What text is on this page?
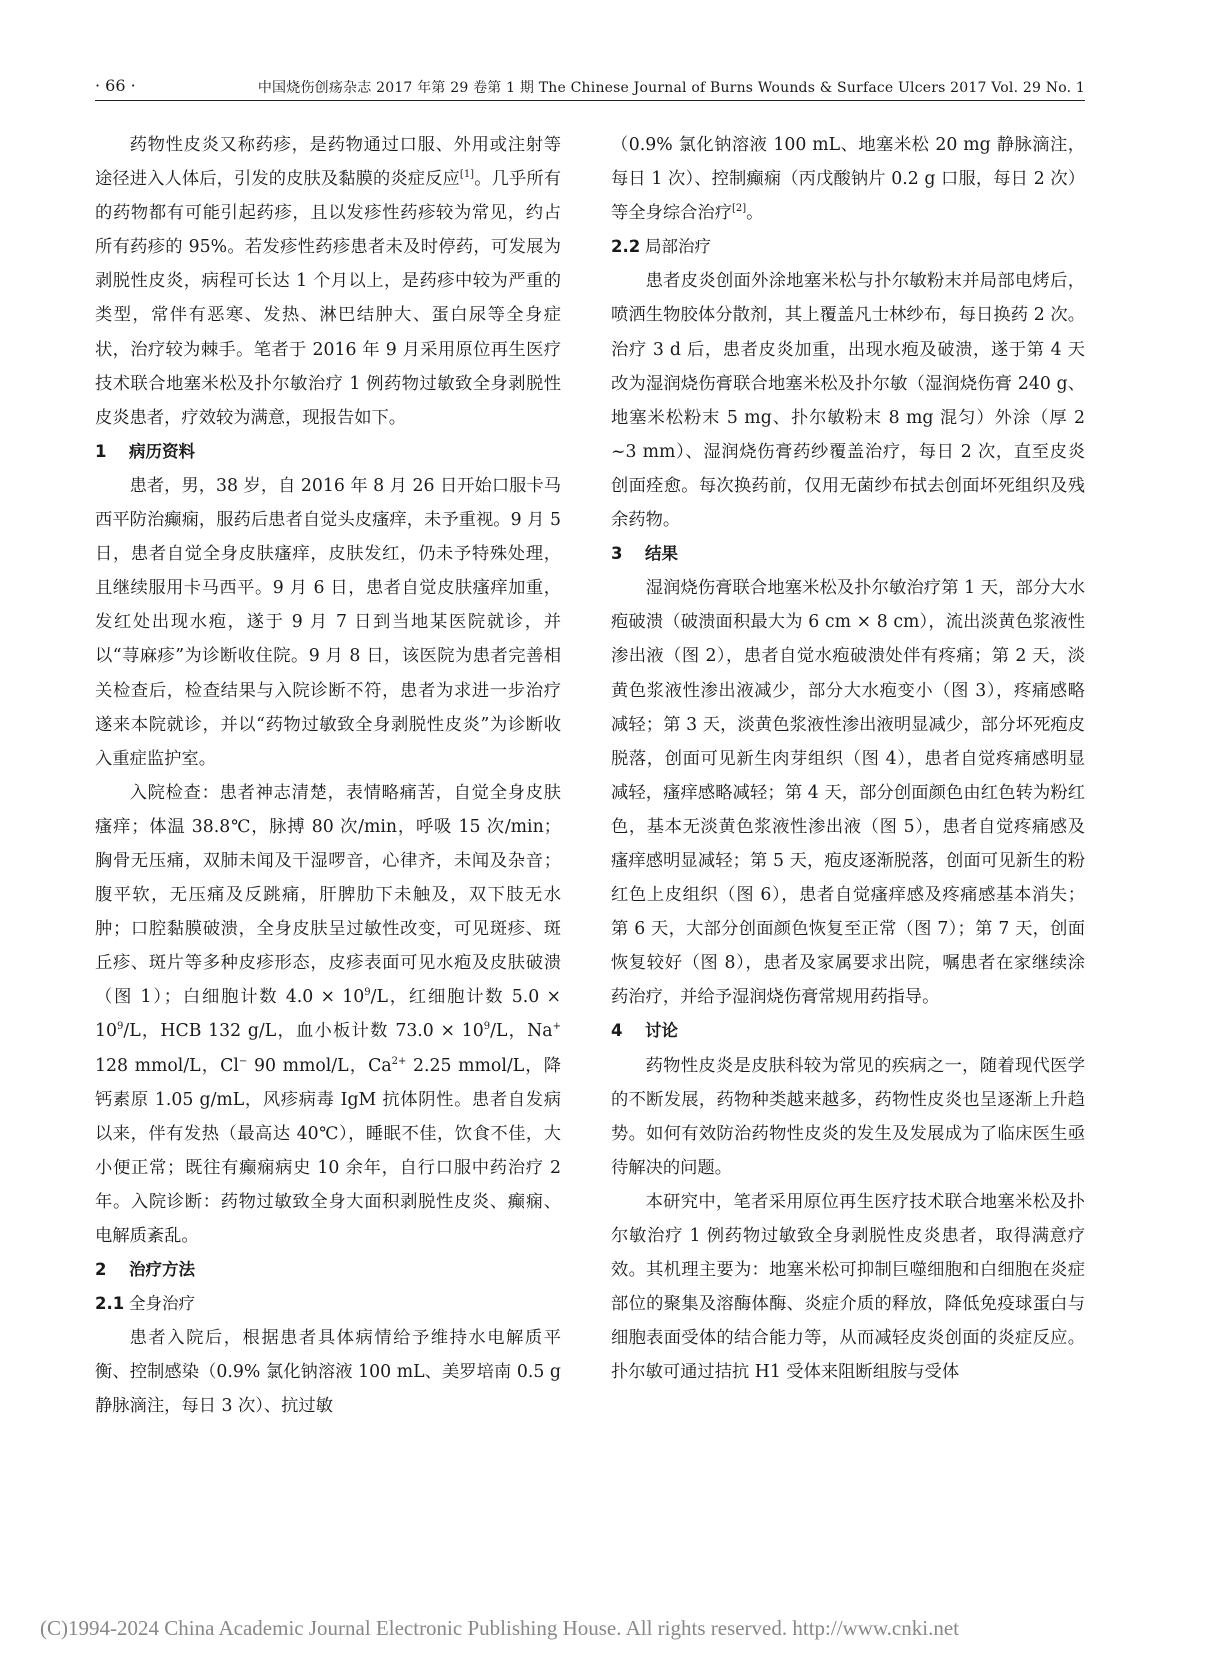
· 66 ·	中国烧伤创疡杂志 2017 年第 29 卷第 1 期 The Chinese Journal of Burns Wounds & Surface Ulcers 2017 Vol. 29 No. 1

药物性皮炎又称药疹，是药物通过口服、外用或注射等途径进入人体后，引发的皮肤及黏膜的炎症反应[1]。几乎所有的药物都有可能引起药疹，且以发疹性药疹较为常见，约占所有药疹的 95%。若发疹性药疹患者未及时停药，可发展为剥脱性皮炎，病程可长达 1 个月以上，是药疹中较为严重的类型，常伴有恶寒、发热、淋巴结肿大、蛋白尿等全身症状，治疗较为棘手。笔者于 2016 年 9 月采用原位再生医疗技术联合地塞米松及扑尔敏治疗 1 例药物过敏致全身剥脱性皮炎患者，疗效较为满意，现报告如下。

1 病历资料

患者，男，38 岁，自 2016 年 8 月 26 日开始口服卡马西平防治癫痫，服药后患者自觉头皮瘙痒，未予重视。9 月 5 日，患者自觉全身皮肤瘙痒，皮肤发红，仍未予特殊处理，且继续服用卡马西平。9 月 6 日，患者自觉皮肤瘙痒加重，发红处出现水疱，遂于 9 月 7 日到当地某医院就诊，并以“荨麻疹”为诊断收住院。9 月 8 日，该医院为患者完善相关检查后，检查结果与入院诊断不符，患者为求进一步治疗遂来本院就诊，并以“药物过敏致全身剥脱性皮炎”为诊断收入重症监护室。

入院检查：患者神志清楚，表情略痛苦，自觉全身皮肤瘙痒；体温 38.8℃，脉搏 80 次/min，呼吸 15 次/min；胸骨无压痛，双肺未闻及干湿啰音，心律齐，未闻及杂音；腹平软，无压痛及反跳痛，肝脾肋下未触及，双下肢无水肿；口腔黏膜破溃，全身皮肤呈过敏性改变，可见斑疹、斑丘疹、斑片等多种皮疹形态，皮疹表面可见水疱及皮肤破溃（图 1）；白细胞计数 $4.0 \times 10^9/L$，红细胞计数 $5.0 \times 10^9/L$，HCB 132 g/L，血小板计数 $73.0 \times 10^9/L$，Na+ 128 mmol/L，Cl− 90 mmol/L，$Ca^{2+}$ 2.25 mmol/L，降钙素原 1.05 g/mL，风疹病毒 IgM 抗体阴性。患者自发病以来，伴有发热（最高达 40℃），睡眠不佳，饮食不佳，大小便正常；既往有癫痫病史 10 余年，自行口服中药治疗 2 年。入院诊断：药物过敏致全身大面积剥脱性皮炎、癫痫、电解质紊乱。

2 治疗方法

2.1 全身治疗

患者入院后，根据患者具体病情给予维持水电解质平衡、控制感染（0.9% 氯化钠溶液 100 mL、美罗培南 0.5 g 静脉滴注，每日 3 次）、抗过敏

（0.9% 氯化钠溶液 100 mL、地塞米松 20 mg 静脉滴注，每日 1 次）、控制癫痫（丙戊酸钠片 0.2 g 口服，每日 2 次）等全身综合治疗[2]。

2.2 局部治疗

患者皮炎创面外涂地塞米松与扑尔敏粉末并局部电烤后，喷洒生物胶体分散剂，其上覆盖凡士林纱布，每日换药 2 次。治疗 3 d 后，患者皮炎加重，出现水疱及破溃，遂于第 4 天改为湿润烧伤膏联合地塞米松及扑尔敏（湿润烧伤膏 240 g、地塞米松粉末 5 mg、扑尔敏粉末 8 mg 混匀）外涂（厚 2 ~3 mm）、湿润烧伤膏药纱覆盖治疗，每日 2 次，直至皮炎创面痊愈。每次换药前，仅用无菌纱布拭去创面坏死组织及残余药物。

3 结果

湿润烧伤膏联合地塞米松及扑尔敏治疗第 1 天，部分大水疱破溃（破溃面积最大为 6 cm × 8 cm），流出淡黄色浆液性渗出液（图 2），患者自觉水疱破溃处伴有疼痛；第 2 天，淡黄色浆液性渗出液减少，部分大水疱变小（图 3），疼痛感略减轻；第 3 天，淡黄色浆液性渗出液明显减少，部分坏死疱皮脱落，创面可见新生肉芽组织（图 4），患者自觉疼痛感明显减轻，瘙痒感略减轻；第 4 天，部分创面颜色由红色转为粉红色，基本无淡黄色浆液性渗出液（图 5），患者自觉疼痛感及瘙痒感明显减轻；第 5 天，疱皮逐渐脱落，创面可见新生的粉红色上皮组织（图 6），患者自觉瘙痒感及疼痛感基本消失；第 6 天，大部分创面颜色恢复至正常（图 7）；第 7 天，创面恢复较好（图 8），患者及家属要求出院，嘱患者在家继续涂药治疗，并给予湿润烧伤膏常规用药指导。

4 讨论

药物性皮炎是皮肤科较为常见的疾病之一，随着现代医学的不断发展，药物种类越来越多，药物性皮炎也呈逐渐上升趋势。如何有效防治药物性皮炎的发生及发展成为了临床医生亟待解决的问题。

本研究中，笔者采用原位再生医疗技术联合地塞米松及扑尔敏治疗 1 例药物过敏致全身剥脱性皮炎患者，取得满意疗效。其机理主要为：地塞米松可抑制巨噬细胞和白细胞在炎症部位的聚集及溶酶体酶、炎症介质的释放，降低免疫球蛋白与细胞表面受体的结合能力等，从而减轻皮炎创面的炎症反应。扑尔敏可通过拮抗 H1 受体来阻断组胺与受体

(C)1994-2024 China Academic Journal Electronic Publishing House. All rights reserved. http://www.cnki.net
